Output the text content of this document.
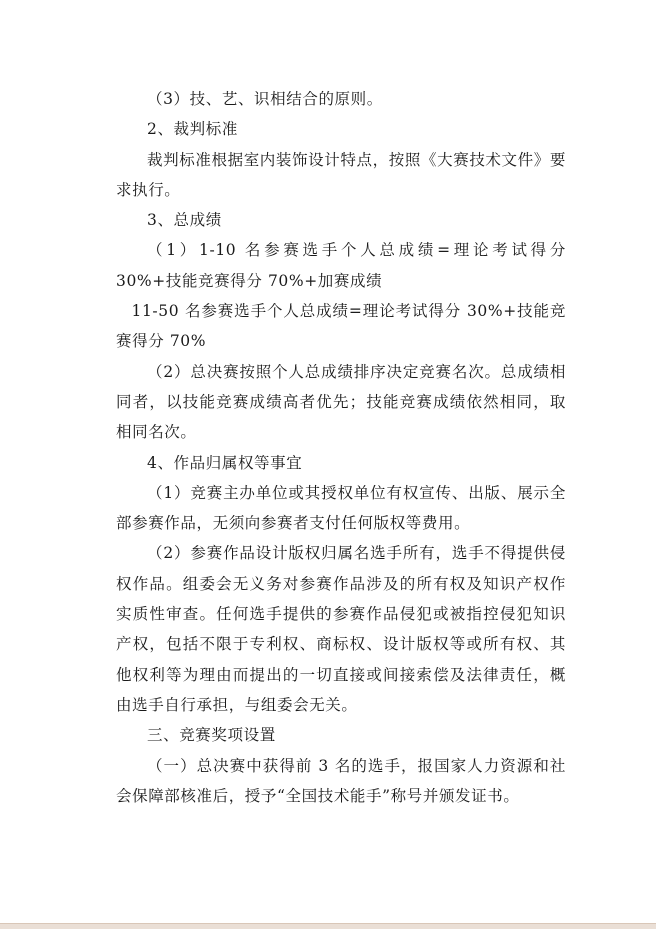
（3）技、艺、识相结合的原则。

2、裁判标准

裁判标准根据室内装饰设计特点，按照《大赛技术文件》要求执行。

3、总成绩

（1）1-10 名参赛选手个人总成绩=理论考试得分 30%+技能竞赛得分 70%+加赛成绩

11-50 名参赛选手个人总成绩=理论考试得分 30%+技能竞赛得分 70%

（2）总决赛按照个人总成绩排序决定竞赛名次。总成绩相同者，以技能竞赛成绩高者优先；技能竞赛成绩依然相同，取相同名次。

4、作品归属权等事宜

（1）竞赛主办单位或其授权单位有权宣传、出版、展示全部参赛作品，无须向参赛者支付任何版权等费用。

（2）参赛作品设计版权归属名选手所有，选手不得提供侵权作品。组委会无义务对参赛作品涉及的所有权及知识产权作实质性审查。任何选手提供的参赛作品侵犯或被指控侵犯知识产权，包括不限于专利权、商标权、设计版权等或所有权、其他权利等为理由而提出的一切直接或间接索偿及法律责任，概由选手自行承担，与组委会无关。

三、竞赛奖项设置

（一）总决赛中获得前 3 名的选手，报国家人力资源和社会保障部核准后，授予“全国技术能手”称号并颁发证书。
